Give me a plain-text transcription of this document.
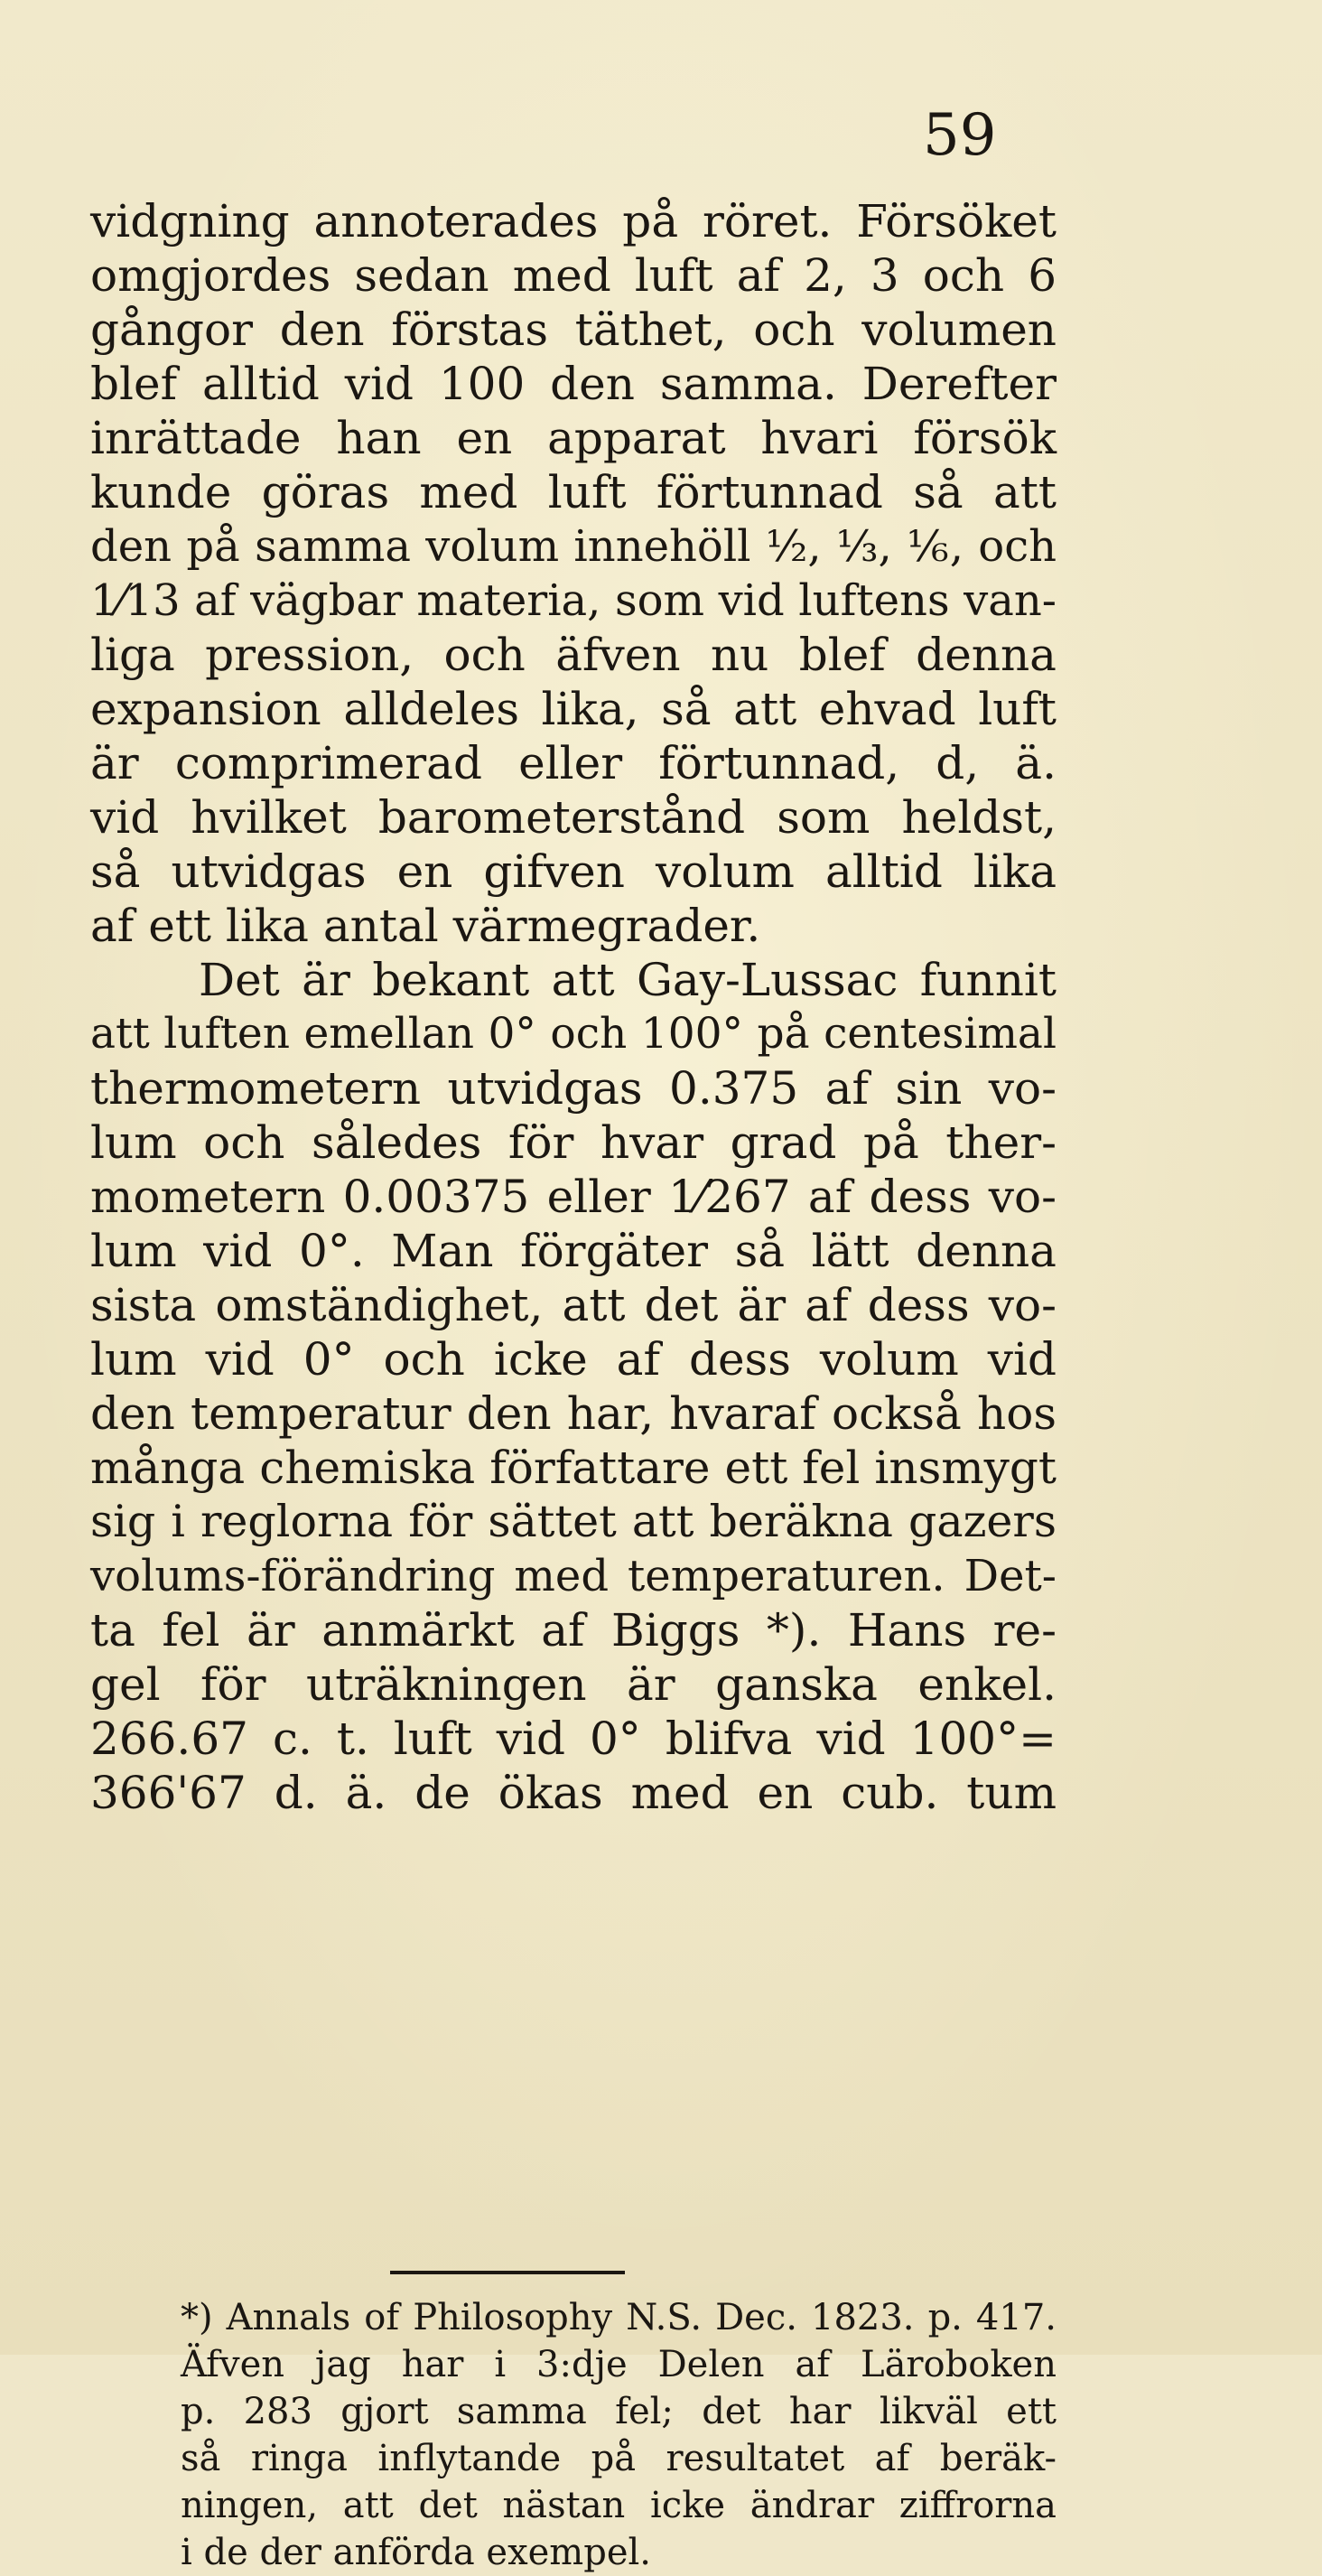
59
vidgning annoterades på röret. Försöket
omgjordes sedan med luft af 2, 3 och 6
gångor den förstas täthet, och volumen
blef alltid vid 100 den samma. Derefter
inrättade han en apparat hvari försök
kunde göras med luft förtunnad så att
den på samma volum innehöll ½, ⅓, ⅙, och
1⁄13 af vägbar materia, som vid luftens van-
liga pression, och äfven nu blef denna
expansion alldeles lika, så att ehvad luft
är comprimerad eller förtunnad, d, ä.
vid hvilket barometerstånd som heldst,
så utvidgas en gifven volum alltid lika
af ett lika antal värmegrader.
Det är bekant att Gay-Lussac funnit
att luften emellan 0° och 100° på centesimal
thermometern utvidgas 0.375 af sin vo-
lum och således för hvar grad på ther-
mometern 0.00375 eller 1⁄267 af dess vo-
lum vid 0°. Man förgäter så lätt denna
sista omständighet, att det är af dess vo-
lum vid 0° och icke af dess volum vid
den temperatur den har, hvaraf också hos
många chemiska författare ett fel insmygt
sig i reglorna för sättet att beräkna gazers
volums-förändring med temperaturen. Det-
ta fel är anmärkt af Biggs *). Hans re-
gel för uträkningen är ganska enkel.
266.67 c. t. luft vid 0° blifva vid 100°=
366'67 d. ä. de ökas med en cub. tum
*) Annals of Philosophy N.S. Dec. 1823. p. 417.
Äfven jag har i 3:dje Delen af Läroboken
p. 283 gjort samma fel; det har likväl ett
så ringa inflytande på resultatet af beräk-
ningen, att det nästan icke ändrar ziffrorna
i de der anförda exempel.
